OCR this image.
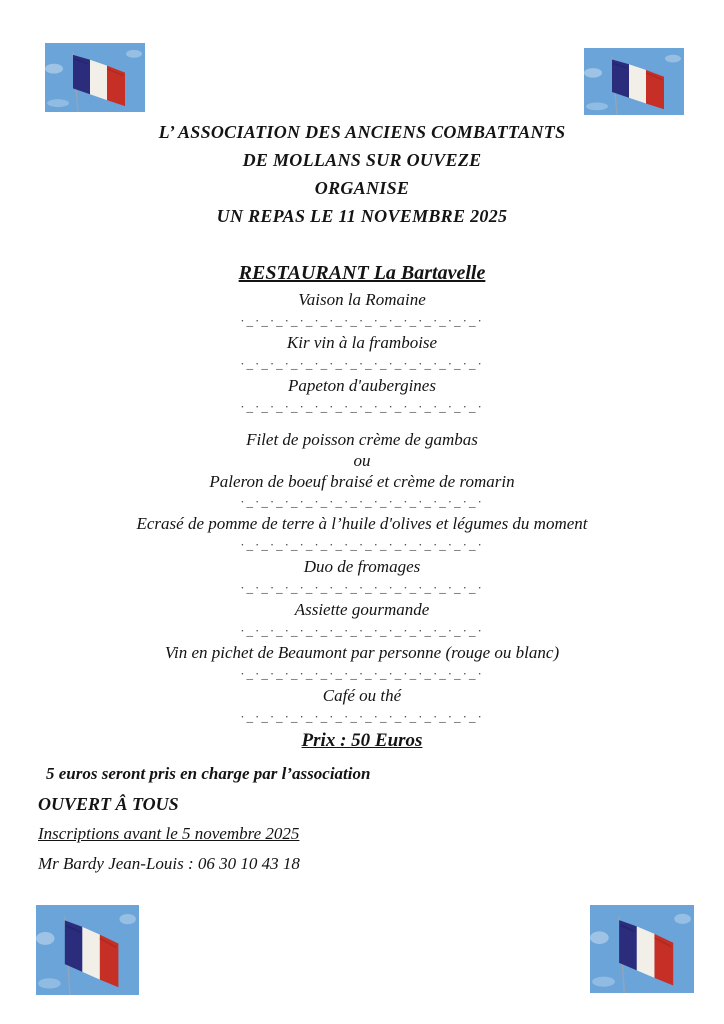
L’ ASSOCIATION DES ANCIENS COMBATTANTS
DE MOLLANS SUR OUVEZE
ORGANISE
UN REPAS LE 11 NOVEMBRE 2025
RESTAURANT La Bartavelle
Vaison la Romaine
·_·_·_·_·_·_·_·_·_·_·_·_·_·_·_·_·
Kir vin à la framboise
·_·_·_·_·_·_·_·_·_·_·_·_·_·_·_·_·
Papeton d'aubergines
·_·_·_·_·_·_·_·_·_·_·_·_·_·_·_·_·
Filet de poisson crème de gambas
ou
Paleron de boeuf braisé et crème de romarin
·_·_·_·_·_·_·_·_·_·_·_·_·_·_·_·_·
Ecrasé de pomme de terre à l’huile d'olives et légumes du moment
·_·_·_·_·_·_·_·_·_·_·_·_·_·_·_·_·
Duo de fromages
·_·_·_·_·_·_·_·_·_·_·_·_·_·_·_·_·
Assiette gourmande
·_·_·_·_·_·_·_·_·_·_·_·_·_·_·_·_·
Vin en pichet de Beaumont par personne (rouge ou blanc)
·_·_·_·_·_·_·_·_·_·_·_·_·_·_·_·_·
Café ou thé
·_·_·_·_·_·_·_·_·_·_·_·_·_·_·_·_·
Prix : 50 Euros
5 euros seront pris en charge par l’association
OUVERT Â TOUS
Inscriptions avant le 5 novembre 2025
Mr Bardy Jean-Louis : 06 30 10 43 18
